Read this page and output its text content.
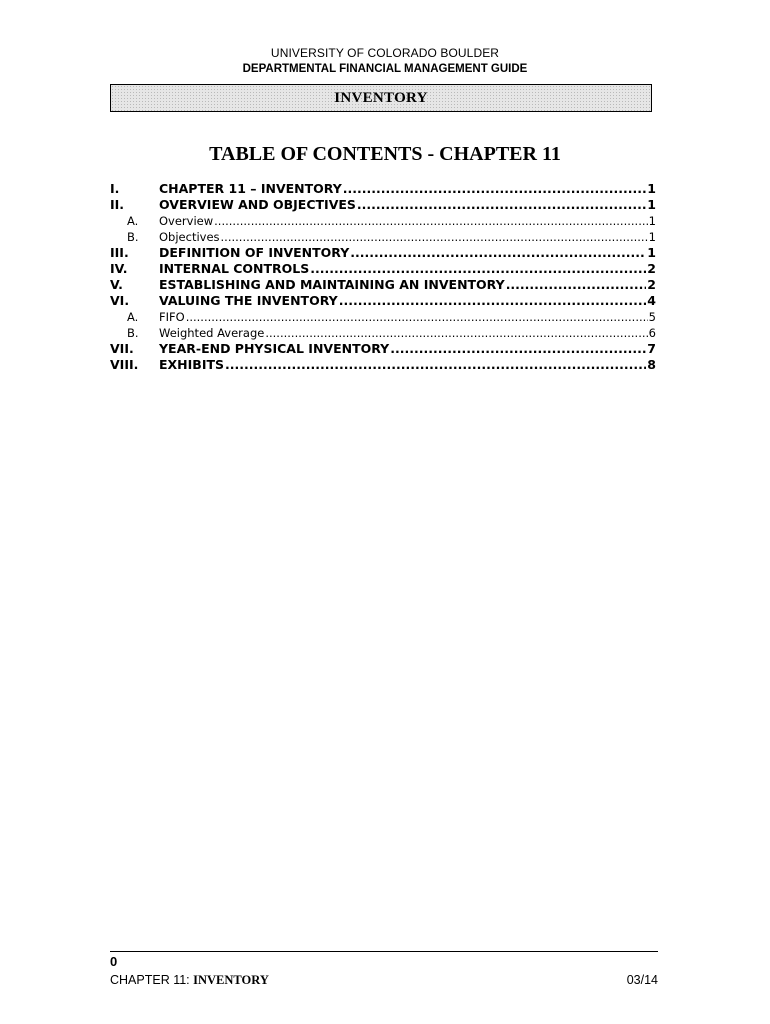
UNIVERSITY OF COLORADO BOULDER
DEPARTMENTAL FINANCIAL MANAGEMENT GUIDE
INVENTORY
TABLE OF CONTENTS - CHAPTER 11
I.	CHAPTER 11 – INVENTORY .....	1
II.	OVERVIEW AND OBJECTIVES .....	1
A.	Overview .....	1
B.	Objectives .....	1
III.	DEFINITION OF INVENTORY .....	1
IV.	INTERNAL CONTROLS .....	2
V.	ESTABLISHING AND MAINTAINING AN INVENTORY .....	2
VI.	VALUING THE INVENTORY .....	4
A.	FIFO .....	5
B.	Weighted Average .....	6
VII.	YEAR-END PHYSICAL INVENTORY .....	7
VIII.	EXHIBITS .....	8
0
CHAPTER 11: INVENTORY	03/14
